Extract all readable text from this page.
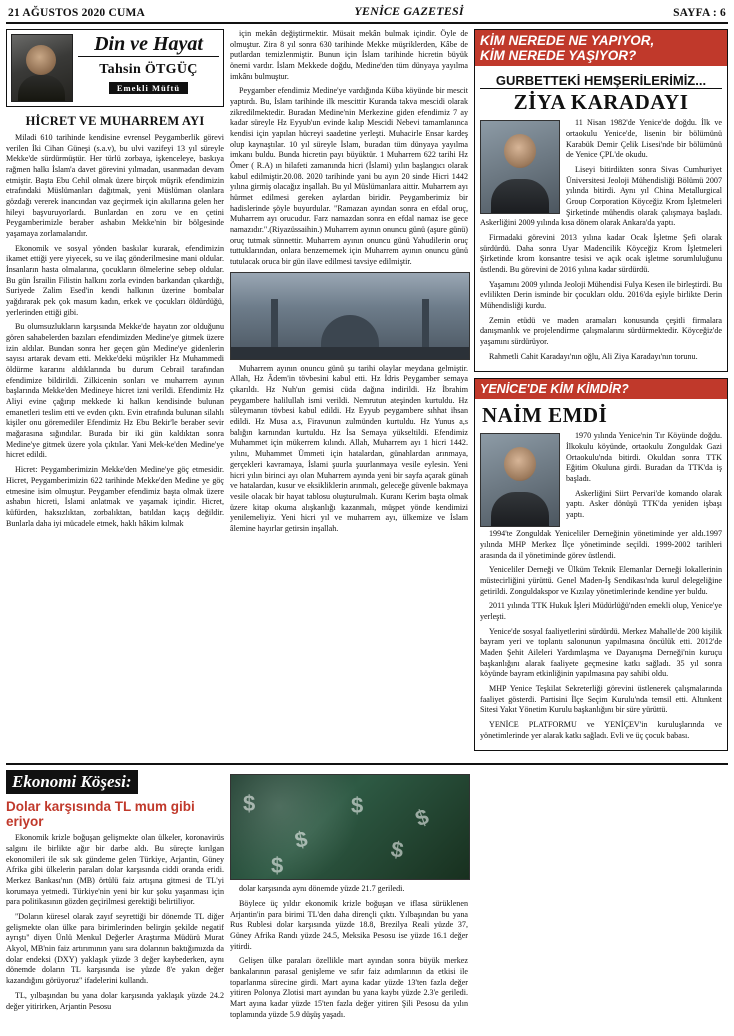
21 AĞUSTOS 2020 CUMA	YENİCE GAZETESİ	SAYFA : 6
Din ve Hayat
Tahsin ÖTGÜÇ
Emekli Müftü
HİCRET VE MUHARREM AYI

Miladi 610 tarihinde kendisine evrensel Peygamberlik görevi verilen İki Cihan Güneşi (s.a.v), bu ulvi vazifeyi 13 yıl süreyle Mekke'de sürdürmüştür. Her türlü zorbaya, işkenceleye, baskıya rağmen halkı İslam'a davet görevini yılmadan, usanmadan devam etmiştir. Başta Ebu Cehil olmak üzere birçok müşrik efendimizin etrafındaki Müslümanları dağıtmak, yeni Müslüman olanlara gözdağı vererek inancından vaz geçirmek için akıllarına gelen her hileyi başvuruyorlardı. Bunlardan en zoru ve en çetini Peygamberimizle beraber ashabın Mekke'nin bir bölgesinde yaşamaya zorlamalarıdır.

Ekonomik ve sosyal yönden baskılar kurarak, efendimizin ikamet ettiği yere yiyecek, su ve ilaç gönderilmesine mani oldular. İnsanların hasta olmalarına, çocukların ölmelerine sebep oldular. Bu gün İsrailin Filistin halkını zorla evinden barkandan çıkardığı, Suriyede Zalim Esed'in kendi halkının üzerine bombalar yağdırarak pek çok masum kadın, erkek ve çocukları öldürdüğü, yerlerinden ettiği gibi.

Bu olumsuzlukların karşısında Mekke'de hayatın zor olduğunu gören sahabelerden bazıları efendimizden Medine'ye gitmek üzere izin aldılar. Bundan sonra her geçen gün Medine'ye gidenlerin sayısı artarak devam etti. Mekke'deki müşrikler Hz Muhammedi öldürme kararını aldıklarında bu durum Cebrail tarafından efendimize bildirildi. Zilkicenin sonları ve muharrem ayının başlarında Mekke'den Medineye hicret izni verildi. Efendimiz Hz Aliyi evine çağırıp mekkede ki halkın kendisinde bulunan emanetleri teslim etti ve evden çıktı. Evin etrafında bulunan silahlı kişiler onu göremediler Efendimiz Hz Ebu Bekir'le beraber sevir mağarasına sığındılar. Burada bir iki gün kaldıktan sonra Medine'ye gitmek üzere yola çıktılar. Yani Mek-ke'den Medine'ye hicret edildi.

Hicret: Peygamberimizin Mekke'den Medine'ye göç etmesidir. Hicret, Peygamberimizin 622 tarihinde Mekke'den Medine ye göç etmesine isim olmuştur. Peygamber efendimiz başta olmak üzere ashabın hicreti, İslami anlatmak ve yaşamak içindir. Hicret, küfürden, haksızlıktan, zorbalıktan, batıldan kaçış değildir. Bunlarla daha iyi mücadele etmek, haklı hâkim kılmak

için mekân değiştirmektir. Müsait mekân bulmak içindir. Öyle de olmuştur. Zira 8 yıl sonra 630 tarihinde Mekke müşriklerden, Kâbe de putlardan temizlenmiştir. Bunun için İslam tarihinde hicretin büyük önemi vardır. İslam Mekkede doğdu, Medine'den tüm dünyaya yayılma imkânı bulmuştur.

Peygamber efendimiz Medine'ye vardığında Küba köyünde bir mescit yaptırdı. Bu, İslam tarihinde ilk mescittir Kuranda takva mescidi olarak zikredilmektedir. Buradan Medine'nin Merkezine giden efendimiz 7 ay kadar süreyle Hz Eyyub'un evinde kalıp Mescidi Nebevi tamamlanınca kendisi için yapılan hücreyi saadetine yerleşti. Muhacirle Ensar kardeş olup kaynaştılar. 10 yıl süreyle İslam, buradan tüm dünyaya yayılma imkanı buldu. Bunda hicretin payı büyüktür. 1 Muharrem 622 tarihi Hz Ömer ( R.A) ın hilafeti zamanında hicri (İslami) yılın başlangıcı olarak kabul edilmiştir.20.08. 2020 tarihinde yani bu ayın 20 sinde Hicri 1442 yılına girmiş olacağız inşallah. Bu yıl Müslümanlara aittir. Muharrem ayı hürmet edilmesi gereken aylardan biridir. Peygamberimiz bir hadislerinde şöyle buyurdular. "Ramazan ayından sonra en efdal oruç, Muharrem ayı orucudur. Farz namazdan sonra en efdal namaz ise gece namazıdır.".(Riyazüssaihin.) Muharrem ayının onuncu günü (aşure günü) oruç tutmak sünnettir. Muharrem ayının onuncu günü Yahudilerin oruç tuttuklarından, onlara benzememek için Muharrem ayının onuncu günü tutulacak oruca bir gün ilave edilmesi tavsiye edilmiştir.

Muharrem ayının onuncu günü şu tarihi olaylar meydana gelmiştir. Allah, Hz Âdem'in tövbesini kabul etti. Hz İdris Peygamber semaya çıkarıldı. Hz Nuh'un gemisi cüda dağına indirildi. Hz İbrahim peygambere halilullah ismi verildi. Nemrutun ateşinden kurtuldu. Hz süleymanın tövbesi kabul edildi. Hz Eyyub peygambere sıhhat ihsan edildi. Hz Musa a.s, Firavunun zulmünden kurtuldu. Hz Yunus a,s balığın karnından kurtuldu. Hz İsa Semaya yükseltildi. Efendimiz Muhammet için mükerrem kılındı. Allah, Muharrem ayı 1 hicri 1442. yılını, Muhammet Ümmeti için hatalardan, günahlardan arınmaya, gerçekleri kavramaya, İslami şuurla şuurlanmaya vesile eylesin. Yeni hicri yılın birinci ayı olan Muharrem ayında yeni bir sayfa açarak günah ve hatalardan, kusur ve eksikliklerin arınmalı, geleceğe güvenle bakmaya vesile olacak bir hayat tablosu oluşturulmalı. Kuranı Kerim başta olmak üzere kitap okuma alışkanlığı kazanmalı, müşpet yönde kendimizi yenilemeliyiz. Yeni hicri yıl ve muharrem ayı, ülkemize ve İslam âlemine hayırlar getirsin inşallah.

KİM NEREDE NE YAPIYOR,
KİM NEREDE YAŞIYOR?
GURBETTEKİ HEMŞERİLERİMİZ...
ZİYA KARADAYI

11 Nisan 1982'de Yenice'de doğdu. İlk ve ortaokulu Yenice'de, lisenin bir bölümünü Karabük Demir Çelik Lisesi'nde bir bölümünü de Yenice ÇPL'de okudu.

Liseyi bitirdikten sonra Sivas Cumhuriyet Üniversitesi Jeoloji Mühendisliği Bölümü 2007 yılında bitirdi. Aynı yıl China Metallurgical Group Corporation Köyceğiz Krom İşletmeleri Şirketinde mühendis olarak çalışmaya başladı. Askerliğini 2009 yılında kısa dönem olarak Ankara'da yaptı.

Firmadaki görevini 2013 yılına kadar Ocak İşletme Şefi olarak sürdürdü. Daha sonra Uyar Madencilik Köyceğiz Krom İşletmeleri Şirketinde krom konsantre tesisi ve açık ocak işletme sorumluluğunu üstlendi. Bu görevini de 2016 yılına kadar sürdürdü.

Yaşamını 2009 yılında Jeoloji Mühendisi Fulya Kesen ile birleştirdi. Bu evlilikten Derin isminde bir çocukları oldu. 2016'da eşiyle birlikte Derin Mühendisliği kurdu.

Zemin etüdü ve maden aramaları konusunda çeşitli firmalara danışmanlık ve projelendirme çalışmalarını sürdürmektedir. Köyceğiz'de yaşamını sürdürüyor.

Rahmetli Cahit Karadayı'nın oğlu, Ali Ziya Karadayı'nın torunu.

YENİCE'DE KİM KİMDİR?
NAİM EMDİ

1970 yılında Yenice'nin Tır Köyünde doğdu. İlkokulu köyünde, ortaokulu Zonguldak Gazi Ortaokulu'nda bitirdi. Okuldan sonra TTK Eğitim Okuluna girdi. Buradan da TTK'da iş başladı.

Askerliğini Siirt Pervari'de komando olarak yaptı. Asker dönüşü TTK'da yeniden işbaşı yaptı.

1994'te Zonguldak Yeniceliler Derneğinin yönetiminde yer aldı.1997 yılında MHP Merkez İlçe yönetiminde seçildi. 1999-2002 tarihleri arasında da il yönetiminde görev üstlendi.

Yeniceliler Derneği ve Ülküm Teknik Elemanlar Derneği lokallerinin müstecirliğini yürüttü. Genel Maden-İş Sendikası'nda kurul delegeliğine getirildi. Zonguldakspor ve Kızılay yönetimlerinde kendine yer buldu.

2011 yılında TTK Hukuk İşleri Müdürlüğü'nden emekli olup, Yenice'ye yerleşti.

Yenice'de sosyal faaliyetlerini sürdürdü. Merkez Mahalle'de 200 kişilik bayram yeri ve toplantı salonunun yapılmasına öncülük etti. 2012'de Maden Şehit Aileleri Yardımlaşma ve Dayanışma Derneği'nin kuruçu başkanlığını alarak faaliyete geçmesine katkı sağladı. 35 yıl sonra köyünde bayram etkinliğinin yapılmasına pay sahibi oldu.

MHP Yenice Teşkilat Sekreterliği görevini üstlenerek çalışmalarında faaliyet gösterdi. Partisini İlçe Seçim Kurulu'nda temsil etti. Altınkent Sitesi Yakıt Yönetim Kurulu başkanlığını bir süre yürüttü.

YENİCE PLATFORMU ve YENİÇEV'in kuruluşlarında ve yönetimlerinde yer alarak katkı sağladı. Evli ve üç çocuk babası.

Ekonomi Köşesi:
Dolar karşısında TL mum gibi eriyor

Ekonomik krizle boğuşan gelişmekte olan ülkeler, koronavirüs salgını ile birlikte ağır bir darbe aldı. Bu süreçte kırılgan ekonomileri ile sık sık gündeme gelen Türkiye, Arjantin, Güney Afrika gibi ülkelerin paraları dolar karşısında ciddi oranda eridi. Merkez Bankası'nın (MB) örtülü faiz artışına gitmesi de TL'yi korumaya yetmedi. Türkiye'nin yeni bir kur şoku yaşanması için para politikasının gözden geçirilmesi gerektiği belirtiliyor.

"Doların küresel olarak zayıf seyrettiği bir dönemde TL diğer gelişmekte olan ülke para birimlerinden belirgin şekilde negatif ayrıştı" diyen Ünlü Menkul Değerler Araştırma Müdürü Murat Akyol, MB'nin faiz artırımının yanı sıra dolarının baktığımızda da dolar endeksi (DXY) yaklaşık yüzde 3 değer kaybederken, aynı dönemde doların TL karşısında ise yüzde 8'e yakın değer kazandığını görüyoruz" ifadelerini kullandı.

TL, yılbaşından bu yana dolar karşısında yaklaşık yüzde 24.2 değer yitirirken, Arjantin Pesosu

$
$
$
$
$
$

dolar karşısında aynı dönemde yüzde 21.7 geriledi.

Böylece üç yıldır ekonomik krizle boğuşan ve iflasa sürüklenen Arjantin'in para birimi TL'den daha dirençli çıktı. Yılbaşından bu yana Rus Rublesi dolar karşısında yüzde 18.8, Brezilya Reali yüzde 37, Güney Afrika Randı yüzde 24.5, Meksika Pesosu ise yüzde 16.1 değer yitirdi.

Gelişen ülke paraları özellikle mart ayından sonra büyük merkez bankalarının parasal genişleme ve sıfır faiz adımlarının da etkisi ile toparlanma sürecine girdi. Mart ayına kadar yüzde 13'ten fazla değer yitiren Polonya Zlotisi mart ayından bu yana kaybı yüzde 2.3'e geriledi. Mart ayına kadar yüzde 15'ten fazla değer yitiren Şili Pesosu da yılın toplamında yüzde 5.9 düşüş yaşadı.
